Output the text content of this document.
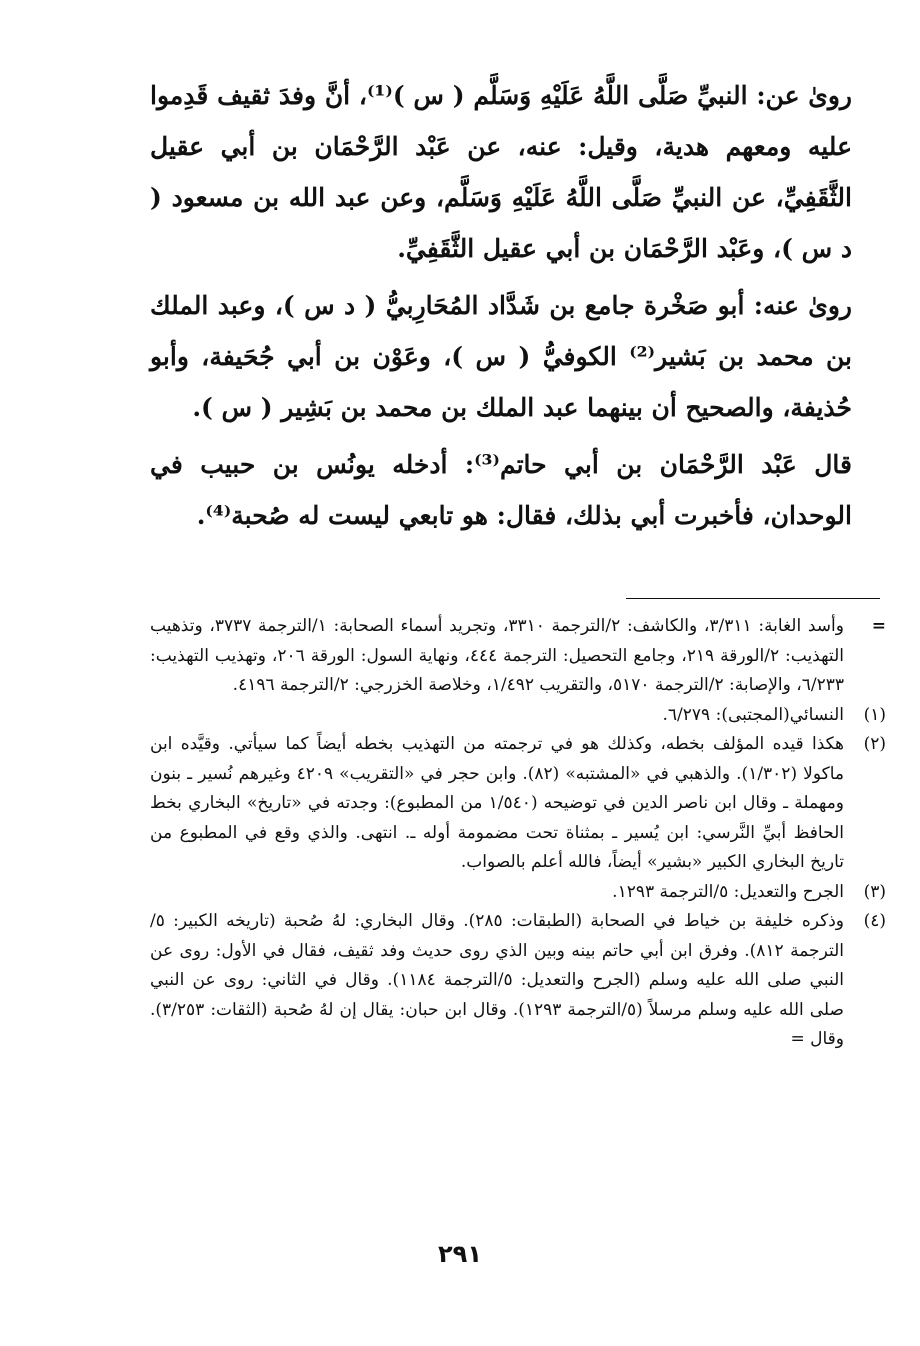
رویٰ عن: النبيِّ صَلَّى اللَّهُ عَلَيْهِ وَسَلَّم ( س )⁽¹⁾، أنَّ وفدَ ثقيف قَدِموا عليه ومعهم هدية، وقيل: عنه، عن عَبْد الرَّحْمَان بن أبي عقيل الثَّقَفِيِّ، عن النبيِّ صَلَّى اللَّهُ عَلَيْهِ وَسَلَّم، وعن عبد الله بن مسعود ( د س )، وعَبْد الرَّحْمَان بن أبي عقيل الثَّقَفِيِّ.

رویٰ عنه: أبو صَخْرة جامع بن شَدَّاد المُحَارِبيُّ ( د س )، وعبد الملك بن محمد بن بَشير⁽²⁾ الكوفيُّ ( س )، وعَوْن بن أبي جُحَيفة، وأبو حُذيفة، والصحيح أن بينهما عبد الملك بن محمد بن بَشِير ( س ).

قال عَبْد الرَّحْمَان بن أبي حاتم⁽³⁾: أدخله يونُس بن حبيب في الوحدان، فأخبرت أبي بذلك، فقال: هو تابعي ليست له صُحبة⁽⁴⁾.

=
وأسد الغابة: ٣/٣١١، والكاشف: ٢/الترجمة ٣٣١٠، وتجريد أسماء الصحابة: ١/الترجمة ٣٧٣٧، وتذهيب التهذيب: ٢/الورقة ٢١٩، وجامع التحصيل: الترجمة ٤٤٤، ونهاية السول: الورقة ٢٠٦، وتهذيب التهذيب: ٦/٢٣٣، والإصابة: ٢/الترجمة ٥١٧٠، والتقريب ١/٤٩٢، وخلاصة الخزرجي: ٢/الترجمة ٤١٩٦.
(١)
النسائي(المجتبى): ٦/٢٧٩.
(٢)
هكذا قيده المؤلف بخطه، وكذلك هو في ترجمته من التهذيب بخطه أيضاً كما سيأتي. وقيَّده ابن ماكولا (١/٣٠٢). والذهبي في «المشتبه» (٨٢). وابن حجر في «التقريب» ٤٢٠٩ وغيرهم نُسير ـ بنون ومهملة ـ وقال ابن ناصر الدين في توضيحه (١/٥٤٠ من المطبوع): وجدته في «تاريخ» البخاري بخط الحافظ أبيِّ النَّرسي: ابن يُسير ـ بمثناة تحت مضمومة أوله ـ. انتهى. والذي وقع في المطبوع من تاريخ البخاري الكبير «بشير» أيضاً، فالله أعلم بالصواب.
(٣)
الجرح والتعديل: ٥/الترجمة ١٢٩٣.
(٤)
وذكره خليفة بن خياط في الصحابة (الطبقات: ٢٨٥). وقال البخاري: لهُ صُحبة (تاريخه الكبير: ٥/الترجمة ٨١٢). وفرق ابن أبي حاتم بينه وبين الذي روى حديث وفد ثقيف، فقال في الأول: روى عن النبي صلى الله عليه وسلم (الجرح والتعديل: ٥/الترجمة ١١٨٤). وقال في الثاني: روى عن النبي صلى الله عليه وسلم مرسلاً (٥/الترجمة ١٢٩٣). وقال ابن حبان: يقال إن لهُ صُحبة (الثقات: ٣/٢٥٣). وقال =
٢٩١
